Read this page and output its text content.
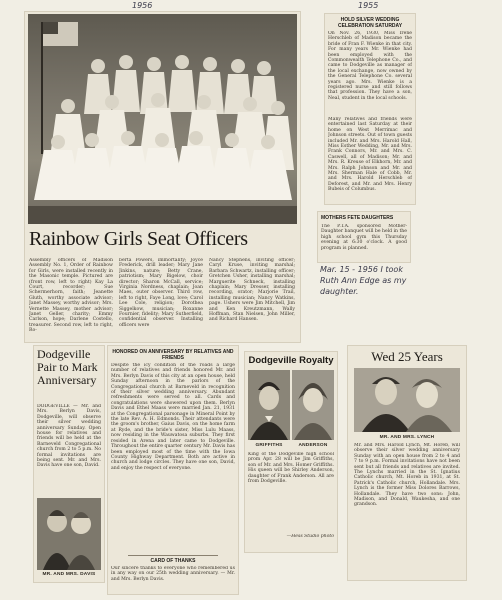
1956	1955
Rainbow Girls Seat Officers
Assembly officers of Madison Assembly No. 1, Order of Rainbow for Girls, were installed recently in the Masonic temple. Pictured are (front row, left to right) Kay La Court, recorder; Sue Schermerhorn, faith; Jeanette Gluth, worthy associate advisor; Janet Massey, worthy advisor; Mrs. Vernette Massey, mother advisor; Janet Geller, charity; Emmy Carlson, hope; Darlene Costello, treasurer. Second row, left to right, Ro-
berta Powers, immortality; Joyce Frederick, drill leader; Mary Jane Jinkins, nature; Betty Crane, patriotism; Mary Bigelow, choir director; Sharon McCall, service; Virginia Nordness, chaplain; Joan Maes, outer observer. Third row, left to right, Faye Long, love; Carol Lee Cole, religion; Dorothea Siggelkow, musician; Roxanne Fournier, fidelity; Mary Sutherfield, confidential observer. Installing officers were
Nancy Stephens, inviting officer; Caryl Kruse, inviting marshal; Barbara Schwartz, installing officer; Gretchen Usher, installing marshal; Marguerite Schneck, installing chaplain; Mary Dresser, installing recording, orator; Marjorie Trail, installing musician; Nancy Watkins, page. Ushers were Jim Mitchell, Jim and Ken Kreutzmann, Wally Hoffman, Stan Nielsen, John Miller, and Richard Hansen.
HOLD SILVER WEDDING CELEBRATION SATURDAY
On Nov. 26, 1930, Miss Irene Herschleb of Madison became the bride of Fran F. Wienke in that city. For many years Mr. Wienke had been employed with the Commonwealth Telephone Co., and came to Dodgeville as manager of the local exchange, now owned by the General Telephone Co. several years ago. Mrs. Wienke is a registered nurse and still follows that profession. They have a son, Neal, student in the local schools.
Many relatives and friends were entertained last Saturday at their home on West Merrimac and Johnson streets. Out of town guests included Mr. and Mrs. Harold Hall, Miss Esther Wedding, Mr. and Mrs. Frank Connors, Mr. and Mrs. C. Caswell, all of Madison; Mr. and Mrs. R. Kreuse of Elkhorn, Mr. and Mrs. Ralph Johnson and Mr. and Mrs. Sherman Hale of Cobb, Mr. and Mrs. Harold Herschleb of Deforest, and Mr. and Mrs. Henry Bubeis of Columbus.
MOTHERS FETE DAUGHTERS
The P.T.A. sponsored Mother-Daughter banquet will be held in the high school gym this Thursday evening at 6:30 o'clock. A good program is planned.
Mar. 15 - 1956 I took Ruth Ann Edge as my daughter.
Dodgeville Pair to Mark Anniversary
DODGEVILLE — Mr. and Mrs. Berlyn Davis, Dodgeville, will observe their silver wedding anniversary Sunday. Open house for relatives and friends will be held at the Barneveld Congregational church from 2 to 5 p.m. No formal invitations are being sent. Mr. and Mrs. Davis have one son, David.
MR. AND MRS. DAVIS
HONORED ON ANNIVERSARY BY RELATIVES AND FRIENDS
Despite the icy condition of the roads a large number of relatives and friends honored Mr. and Mrs. Berlyn Davis of this city at an open house, held Sunday afternoon in the parlors of the Congregational church at Barneveld in recognition of their silver wedding anniversary. Abundant refreshments were served to all. Cards and congratulations were showered upon them. Berlyn Davis and Ethel Maass were married Jan. 21, 1931 at the Congregational parsonage in Mineral Point by the late Rev. A. H. Edmonds. Their attendants were the groom's brother, Gaius Davis, on the home farm at Ryde, and the bride's sister, Miss Lulu Maass, now residing in the Wauwatosa suburbs. They first resided in Arena and later came to Dodgeville. Throughout the entire quarter century Mr. Davis has been employed most of the time with the Iowa County Highway Department. Both are active in church and lodge circles. They have one son, David, and enjoy the respect of everyone.
CARD OF THANKS
Our sincere thanks to everyone who remembered us in any way on our 25th wedding anniversary. — Mr. and Mrs. Berlyn Davis.
Dodgeville Royalty
GRIFFITHS	ANDERSON
King of the Dodgeville high school prom Apr. 28 will be Jim Griffiths, son of Mr. and Mrs. Homer Griffiths. His queen will be Shirley Anderson, daughter of Frank Anderson. All are from Dodgeville.
—Hess Studio photo
Wed 25 Years
MR. AND MRS. LYNCH
Mr. and Mrs. Harold Lynch, Mt. Horeb, will observe their silver wedding anniversary Sunday with an open house from 2 to 4 and 7 to 9 p.m. Formal invitations have not been sent but all friends and relatives are invited. The Lynchs married in the St. Ignatius Catholic church, Mt. Horeb in 1931, at St. Patrick's Catholic church, Hollandale. Mrs. Lynch is the former Miss Dolores Barrows, Hollandale. They have two sons: John, Madison, and Donald, Waukesha, and one grandson.
